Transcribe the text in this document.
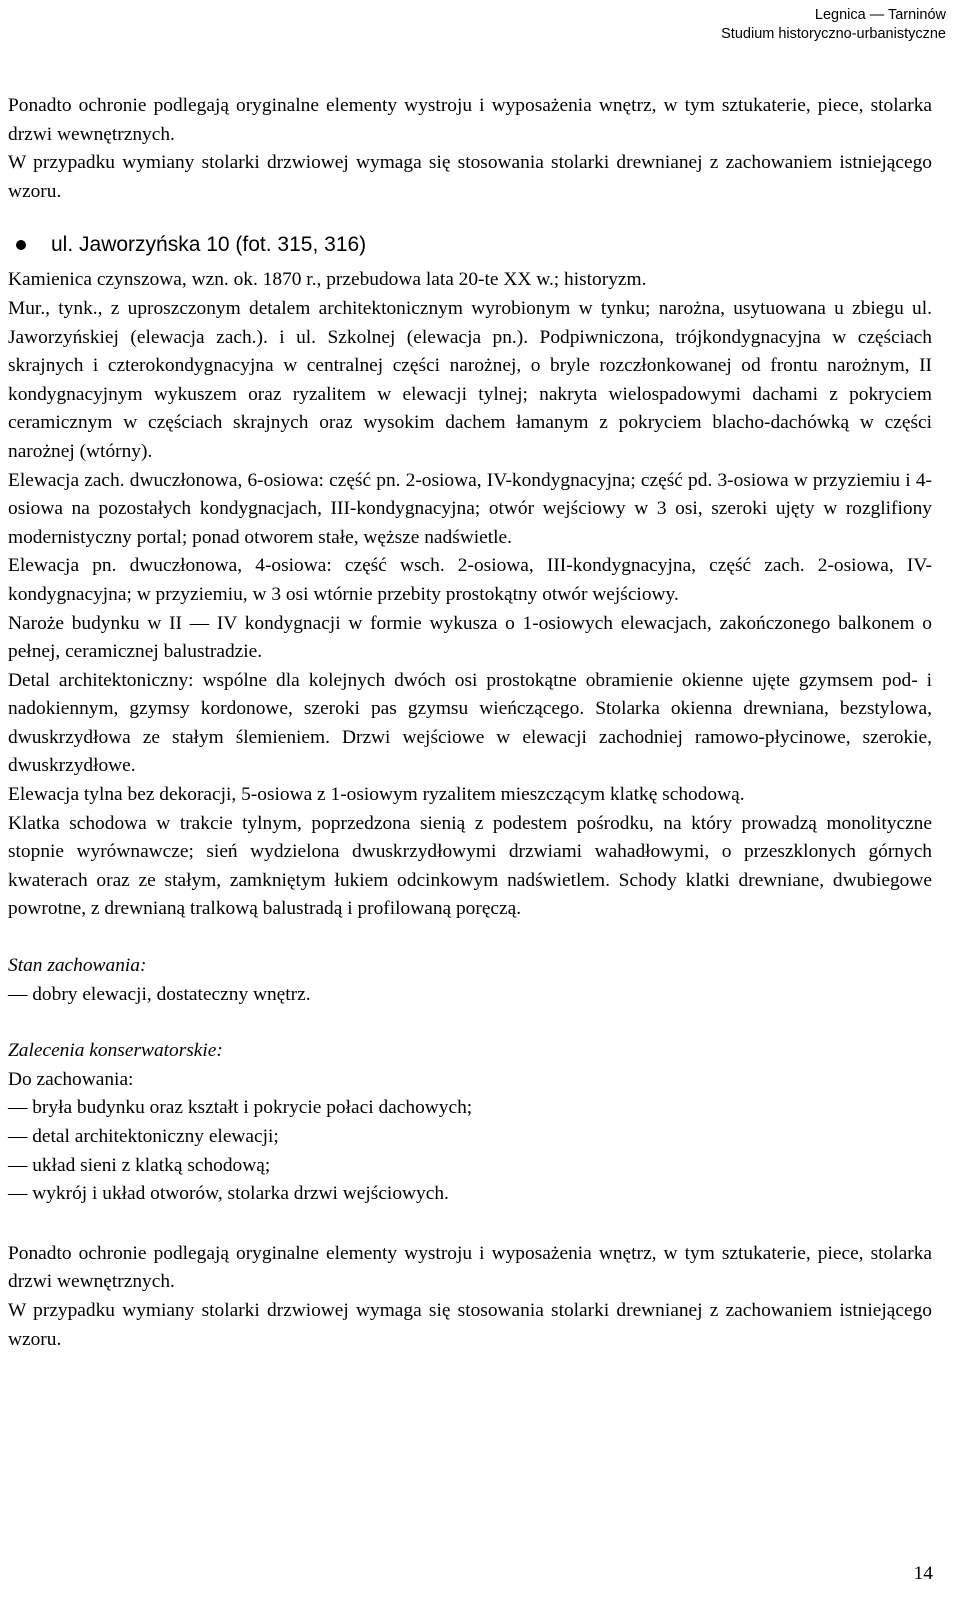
Legnica — Tarninów
Studium historyczno-urbanistyczne

Ponadto ochronie podlegają oryginalne elementy wystroju i wyposażenia wnętrz, w tym sztukaterie, piece, stolarka drzwi wewnętrznych.

W przypadku wymiany stolarki drzwiowej wymaga się stosowania stolarki drewnianej z zachowaniem istniejącego wzoru.

ul. Jaworzyńska 10 (fot. 315, 316)

Kamienica czynszowa, wzn. ok. 1870 r., przebudowa lata 20-te XX w.; historyzm.

Mur., tynk., z uproszczonym detalem architektonicznym wyrobionym w tynku; narożna, usytuowana u zbiegu ul. Jaworzyńskiej (elewacja zach.). i ul. Szkolnej (elewacja pn.). Podpiwniczona, trójkondygnacyjna w częściach skrajnych i czterokondygnacyjna w centralnej części narożnej, o bryle rozczłonkowanej od frontu narożnym, II kondygnacyjnym wykuszem oraz ryzalitem w elewacji tylnej; nakryta wielospadowymi dachami z pokryciem ceramicznym w częściach skrajnych oraz wysokim dachem łamanym z pokryciem blacho-dachówką w części narożnej (wtórny).

Elewacja zach. dwuczłonowa, 6-osiowa: część pn. 2-osiowa, IV-kondygnacyjna; część pd. 3-osiowa w przyziemiu i 4-osiowa na pozostałych kondygnacjach, III-kondygnacyjna; otwór wejściowy w 3 osi, szeroki ujęty w rozglifiony modernistyczny portal; ponad otworem stałe, węższe nadświetle.

Elewacja pn. dwuczłonowa, 4-osiowa: część wsch. 2-osiowa, III-kondygnacyjna, część zach. 2-osiowa, IV-kondygnacyjna; w przyziemiu, w 3 osi wtórnie przebity prostokątny otwór wejściowy.

Naroże budynku w II — IV kondygnacji w formie wykusza o 1-osiowych elewacjach, zakończonego balkonem o pełnej, ceramicznej balustradzie.

Detal architektoniczny: wspólne dla kolejnych dwóch osi prostokątne obramienie okienne ujęte gzymsem pod- i nadokiennym, gzymsy kordonowe, szeroki pas gzymsu wieńczącego. Stolarka okienna drewniana, bezstylowa, dwuskrzydłowa ze stałym ślemieniem. Drzwi wejściowe w elewacji zachodniej ramowo-płycinowe, szerokie, dwuskrzydłowe.

Elewacja tylna bez dekoracji, 5-osiowa z 1-osiowym ryzalitem mieszczącym klatkę schodową.

Klatka schodowa w trakcie tylnym, poprzedzona sienią z podestem pośrodku, na który prowadzą monolityczne stopnie wyrównawcze; sień wydzielona dwuskrzydłowymi drzwiami wahadłowymi, o przeszklonych górnych kwaterach oraz ze stałym, zamkniętym łukiem odcinkowym nadświetlem. Schody klatki drewniane, dwubiegowe powrotne, z drewnianą tralkową balustradą i profilowaną poręczą.

Stan zachowania:

— dobry elewacji, dostateczny wnętrz.

Zalecenia konserwatorskie:

Do zachowania:

— bryła budynku oraz kształt i pokrycie połaci dachowych;

— detal architektoniczny elewacji;

— układ sieni z klatką schodową;

— wykrój i układ otworów, stolarka drzwi wejściowych.

Ponadto ochronie podlegają oryginalne elementy wystroju i wyposażenia wnętrz, w tym sztukaterie, piece, stolarka drzwi wewnętrznych.

W przypadku wymiany stolarki drzwiowej wymaga się stosowania stolarki drewnianej z zachowaniem istniejącego wzoru.

14
